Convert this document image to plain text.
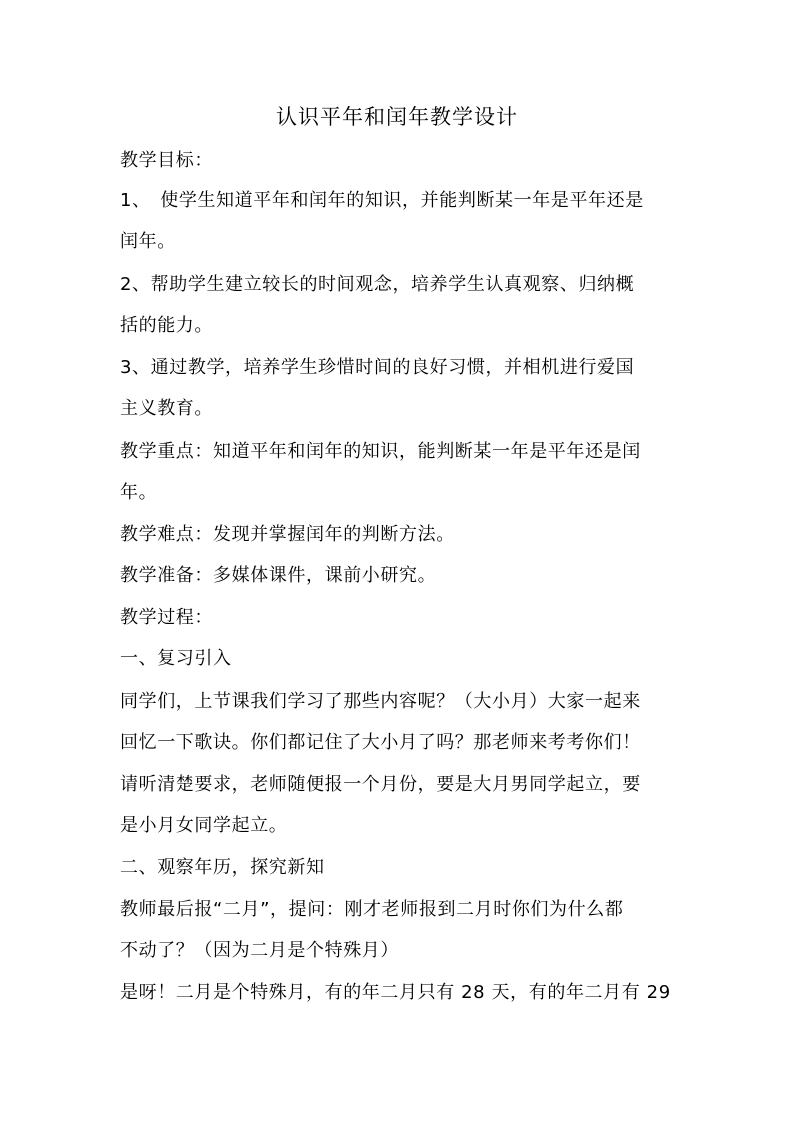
认识平年和闰年教学设计
教学目标：
1、　使学生知道平年和闰年的知识，并能判断某一年是平年还是
闰年。
2、帮助学生建立较长的时间观念，培养学生认真观察、归纳概
括的能力。
3、通过教学，培养学生珍惜时间的良好习惯，并相机进行爱国
主义教育。
教学重点：知道平年和闰年的知识，能判断某一年是平年还是闰
年。
教学难点：发现并掌握闰年的判断方法。
教学准备：多媒体课件，课前小研究。
教学过程：
一、复习引入
同学们，上节课我们学习了那些内容呢？（大小月）大家一起来
回忆一下歌诀。你们都记住了大小月了吗？那老师来考考你们！
请听清楚要求，老师随便报一个月份，要是大月男同学起立，要
是小月女同学起立。
二、观察年历，探究新知
教师最后报“二月”，提问：刚才老师报到二月时你们为什么都
不动了？（因为二月是个特殊月）
是呀！二月是个特殊月，有的年二月只有 28 天，有的年二月有 29
